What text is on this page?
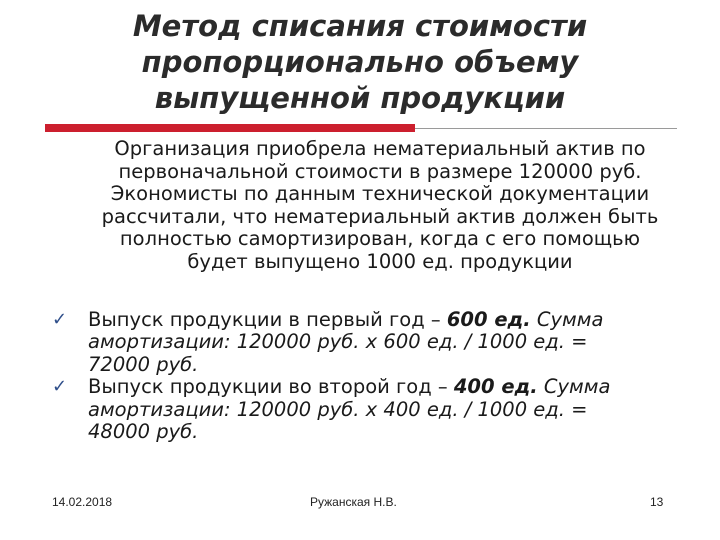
Метод списания стоимости
пропорционально объему
выпущенной продукции
Организация приобрела нематериальный актив по
первоначальной стоимости в размере 120000 руб.
Экономисты по данным технической документации
рассчитали, что нематериальный актив должен быть
полностью самортизирован, когда с его помощью
будет выпущено 1000 ед. продукции
✓ Выпуск продукции в первый год – 600 ед. Сумма
амортизации: 120000 руб. х 600 ед. / 1000 ед. =
72000 руб.
✓ Выпуск продукции во второй год – 400 ед. Сумма
амортизации: 120000 руб. х 400 ед. / 1000 ед. =
48000 руб.
14.02.2018	Ружанская Н.В.	13
